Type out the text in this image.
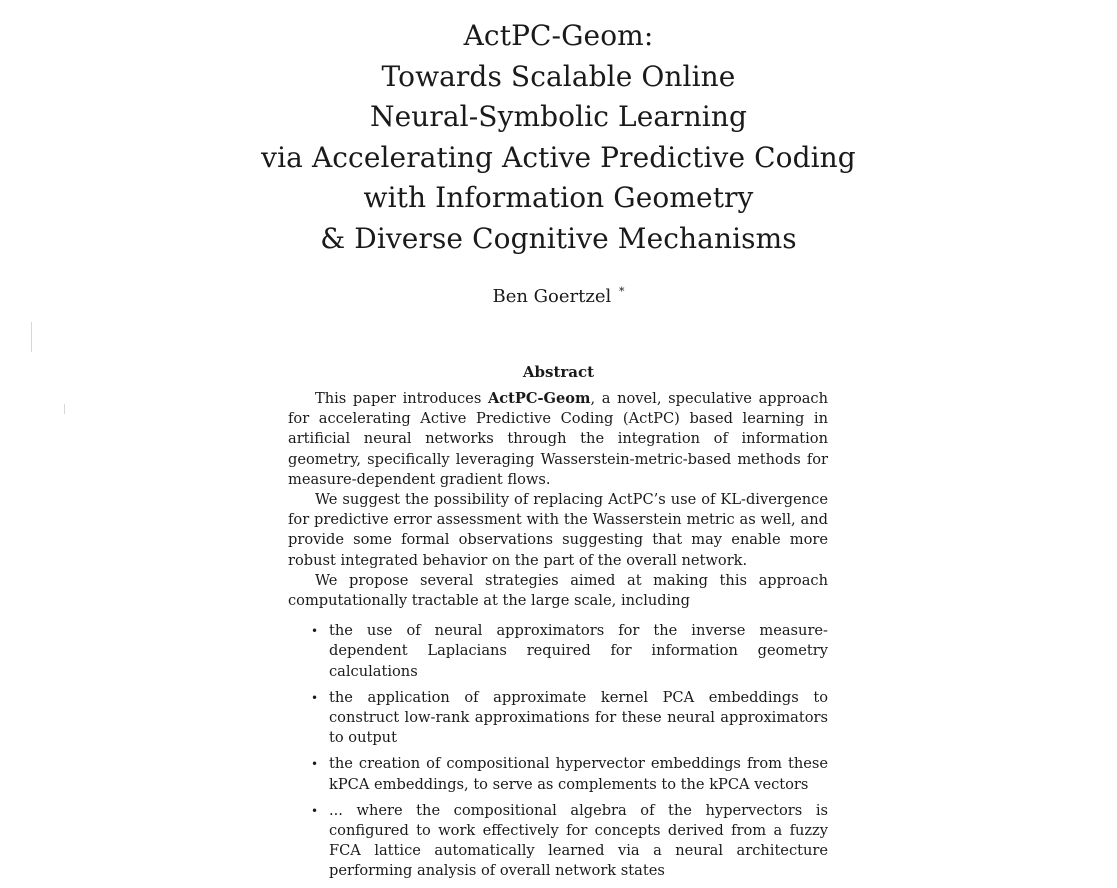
ActPC-Geom:
Towards Scalable Online
Neural-Symbolic Learning
via Accelerating Active Predictive Coding
with Information Geometry
& Diverse Cognitive Mechanisms
Ben Goertzel *
Abstract

This paper introduces ActPC-Geom, a novel, speculative approach for accelerating Active Predictive Coding (ActPC) based learning in artificial neural networks through the integration of information geometry, specifically leveraging Wasserstein-metric-based methods for measure-dependent gradient flows.

We suggest the possibility of replacing ActPC’s use of KL-divergence for predictive error assessment with the Wasserstein metric as well, and provide some formal observations suggesting that may enable more robust integrated behavior on the part of the overall network.

We propose several strategies aimed at making this approach computationally tractable at the large scale, including

• the use of neural approximators for the inverse measure-dependent Laplacians required for information geometry calculations
• the application of approximate kernel PCA embeddings to construct low-rank approximations for these neural approximators to output
• the creation of compositional hypervector embeddings from these kPCA embeddings, to serve as complements to the kPCA vectors
• ... where the compositional algebra of the hypervectors is configured to work effectively for concepts derived from a fuzzy FCA lattice automatically learned via a neural architecture performing analysis of overall network states
